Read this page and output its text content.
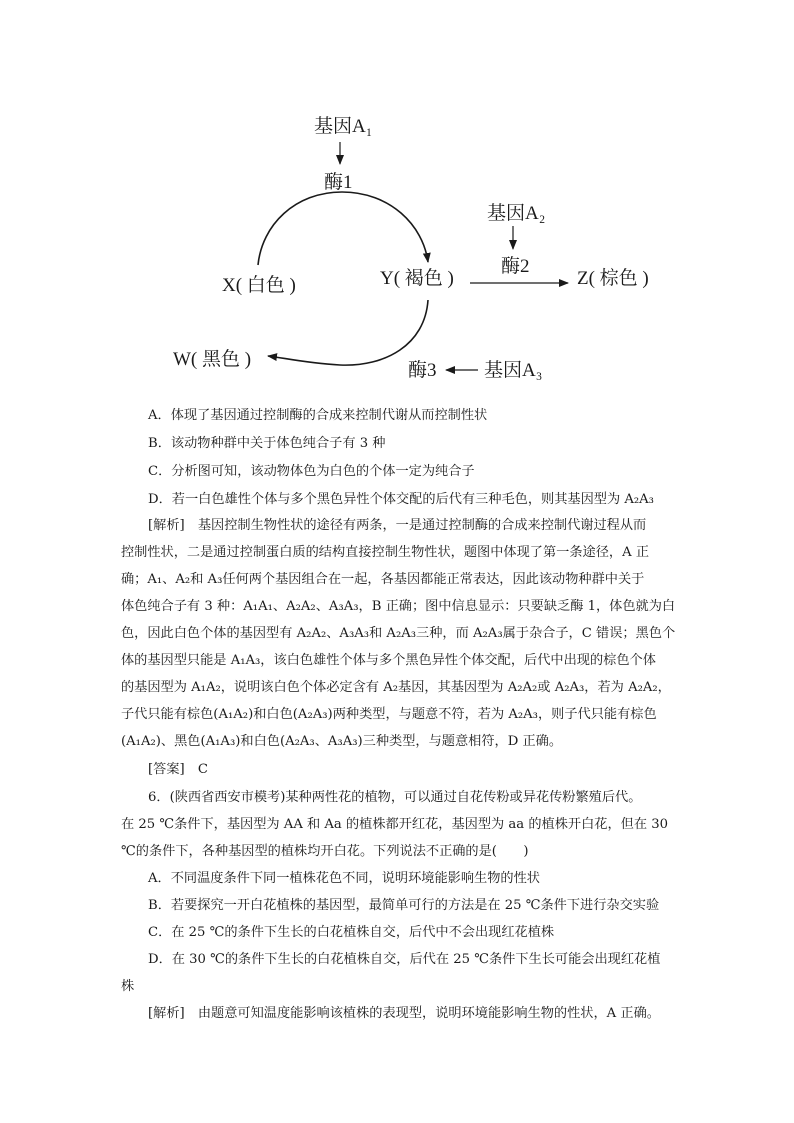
基因A₁
酶1
X( 白色 )	Y( 褐色 )
基因A₂
酶2
Z( 棕色 )
W( 黑色 )
酶3 基因A₃
A．体现了基因通过控制酶的合成来控制代谢从而控制性状
B．该动物种群中关于体色纯合子有 3 种
C．分析图可知，该动物体色为白色的个体一定为纯合子
D．若一白色雄性个体与多个黑色异性个体交配的后代有三种毛色，则其基因型为 A₂A₃
[解析]　基因控制生物性状的途径有两条，一是通过控制酶的合成来控制代谢过程从而
控制性状，二是通过控制蛋白质的结构直接控制生物性状，题图中体现了第一条途径，A 正
确；A₁、A₂和 A₃任何两个基因组合在一起，各基因都能正常表达，因此该动物种群中关于
体色纯合子有 3 种：A₁A₁、A₂A₂、A₃A₃，B 正确；图中信息显示：只要缺乏酶 1，体色就为白
色，因此白色个体的基因型有 A₂A₂、A₃A₃和 A₂A₃三种，而 A₂A₃属于杂合子，C 错误；黑色个
体的基因型只能是 A₁A₃，该白色雄性个体与多个黑色异性个体交配，后代中出现的棕色个体
的基因型为 A₁A₂，说明该白色个体必定含有 A₂基因，其基因型为 A₂A₂或 A₂A₃，若为 A₂A₂，
子代只能有棕色(A₁A₂)和白色(A₂A₃)两种类型，与题意不符，若为 A₂A₃，则子代只能有棕色
(A₁A₂)、黑色(A₁A₃)和白色(A₂A₃、A₃A₃)三种类型，与题意相符，D 正确。
[答案]　C
6．(陕西省西安市模考)某种两性花的植物，可以通过自花传粉或异花传粉繁殖后代。
在 25 ℃条件下，基因型为 AA 和 Aa 的植株都开红花，基因型为 aa 的植株开白花，但在 30
℃的条件下，各种基因型的植株均开白花。下列说法不正确的是(　　)
A．不同温度条件下同一植株花色不同，说明环境能影响生物的性状
B．若要探究一开白花植株的基因型，最简单可行的方法是在 25 ℃条件下进行杂交实验
C．在 25 ℃的条件下生长的白花植株自交，后代中不会出现红花植株
D．在 30 ℃的条件下生长的白花植株自交，后代在 25 ℃条件下生长可能会出现红花植
株
[解析]　由题意可知温度能影响该植株的表现型，说明环境能影响生物的性状，A 正确。
